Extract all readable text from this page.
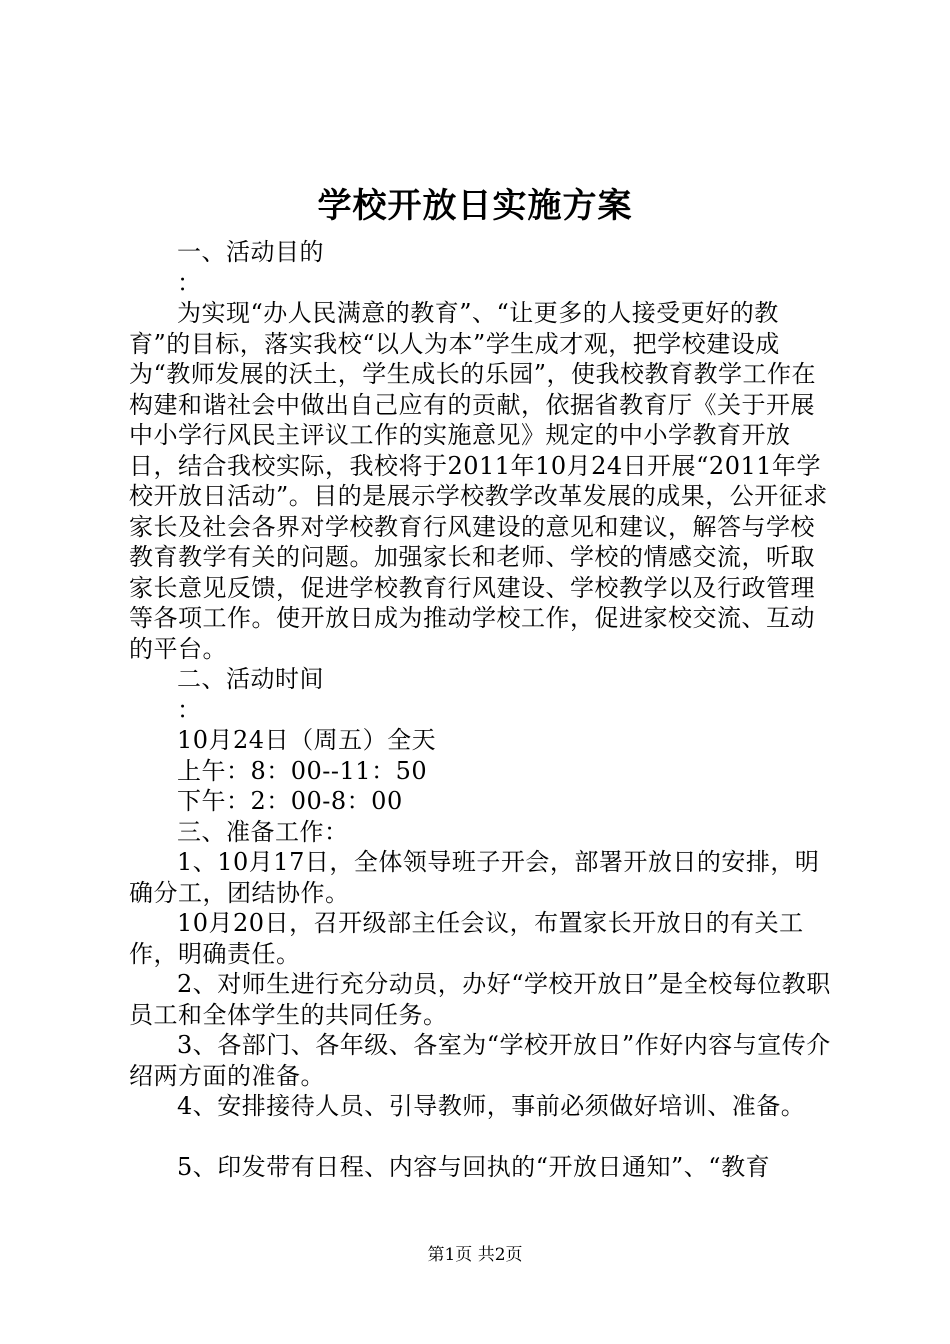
学校开放日实施方案

一、活动目的

：

为实现“办人民满意的教育”、“让更多的人接受更好的教育”的目标，落实我校“以人为本”学生成才观，把学校建设成为“教师发展的沃土，学生成长的乐园”，使我校教育教学工作在构建和谐社会中做出自己应有的贡献，依据省教育厅《关于开展中小学行风民主评议工作的实施意见》规定的中小学教育开放日，结合我校实际，我校将于2011年10月24日开展“2011年学校开放日活动”。目的是展示学校教学改革发展的成果，公开征求家长及社会各界对学校教育行风建设的意见和建议，解答与学校教育教学有关的问题。加强家长和老师、学校的情感交流，听取家长意见反馈，促进学校教育行风建设、学校教学以及行政管理等各项工作。使开放日成为推动学校工作，促进家校交流、互动的平台。

二、活动时间

：

10月24日（周五）全天

上午：8：00--11：50

下午：2：00-8：00

三、准备工作：

1、10月17日，全体领导班子开会，部署开放日的安排，明确分工，团结协作。

10月20日，召开级部主任会议，布置家长开放日的有关工作，明确责任。

2、对师生进行充分动员，办好“学校开放日”是全校每位教职员工和全体学生的共同任务。

3、各部门、各年级、各室为“学校开放日”作好内容与宣传介绍两方面的准备。

4、安排接待人员、引导教师，事前必须做好培训、准备。

5、印发带有日程、内容与回执的“开放日通知”、“教育

第1页 共2页
